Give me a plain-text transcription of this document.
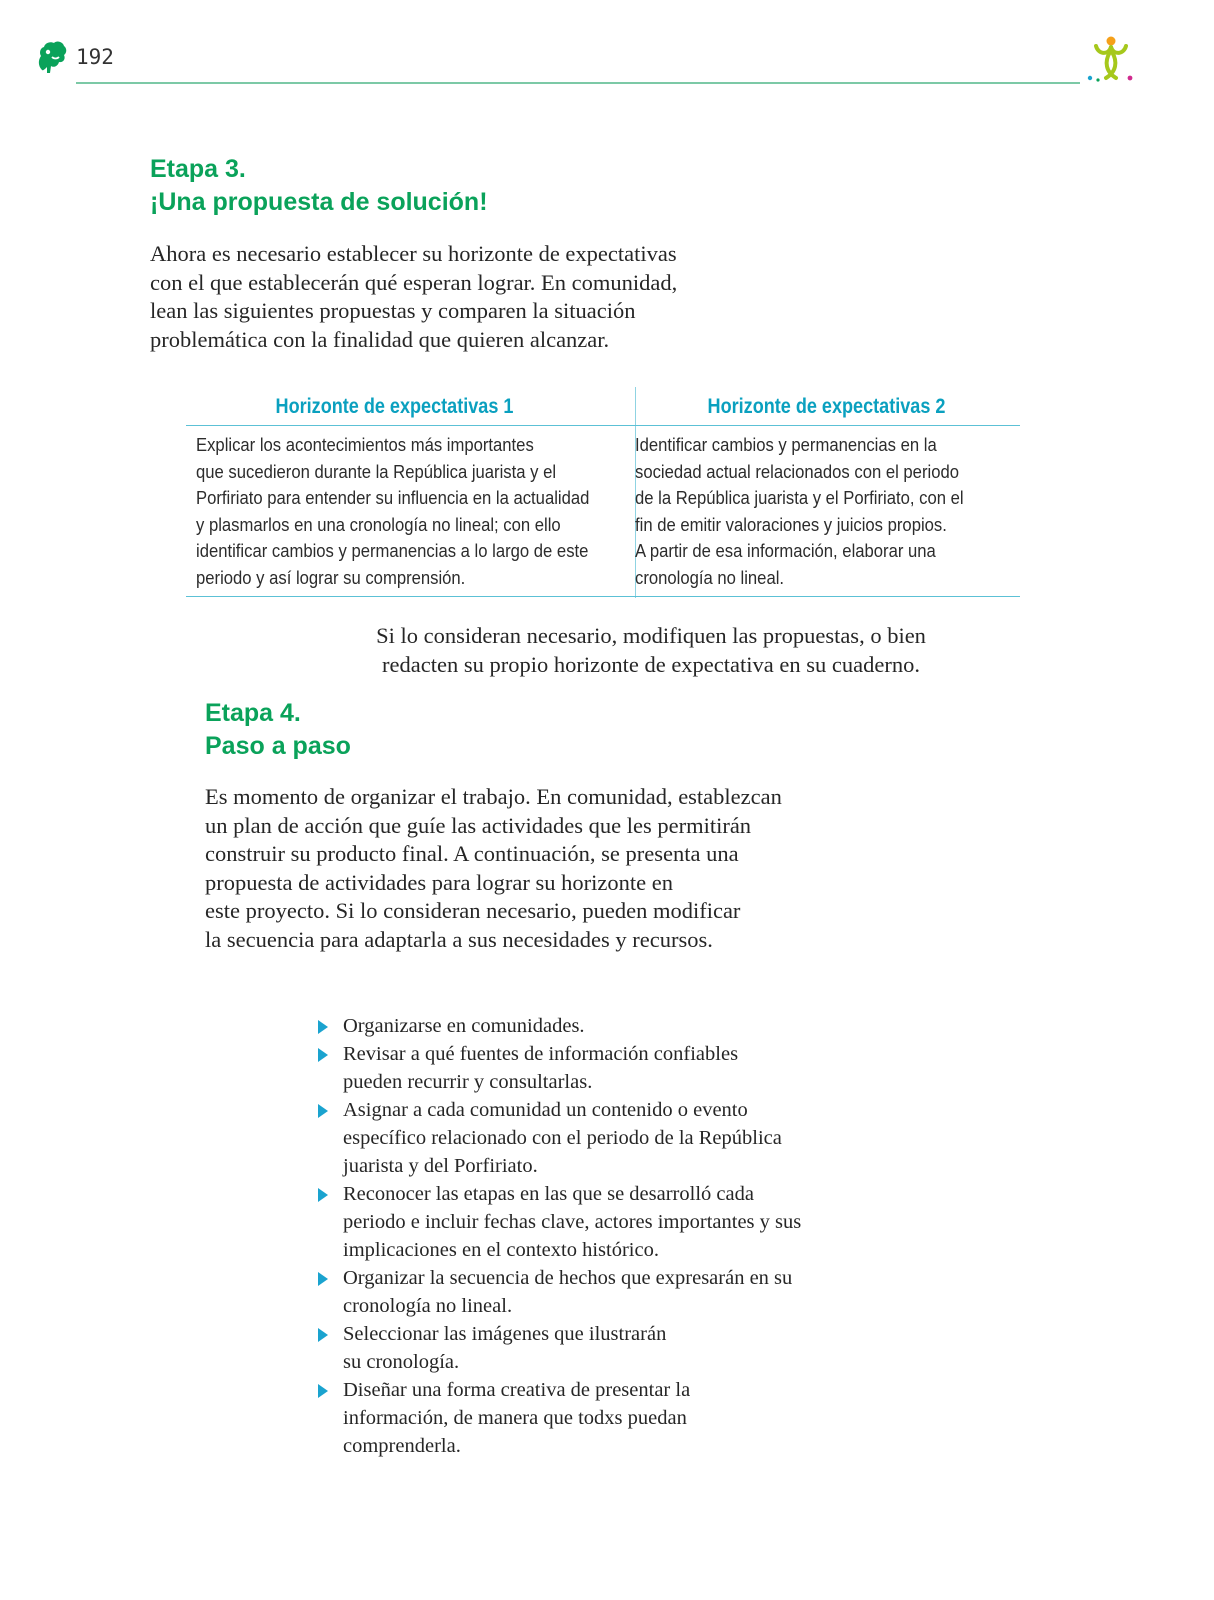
192
Etapa 3.
¡Una propuesta de solución!

Ahora es necesario establecer su horizonte de expectativas
con el que establecerán qué esperan lograr. En comunidad,
lean las siguientes propuestas y comparen la situación
problemática con la finalidad que quieren alcanzar.

Horizonte de expectativas 1
Explicar los acontecimientos más importantes
que sucedieron durante la República juarista y el
Porfiriato para entender su influencia en la actualidad
y plasmarlos en una cronología no lineal; con ello
identificar cambios y permanencias a lo largo de este
periodo y así lograr su comprensión.
Horizonte de expectativas 2
Identificar cambios y permanencias en la
sociedad actual relacionados con el periodo
de la República juarista y el Porfiriato, con el
fin de emitir valoraciones y juicios propios.
A partir de esa información, elaborar una
cronología no lineal.
Si lo consideran necesario, modifiquen las propuestas, o bien
redacten su propio horizonte de expectativa en su cuaderno.
Etapa 4.
Paso a paso

Es momento de organizar el trabajo. En comunidad, establezcan
un plan de acción que guíe las actividades que les permitirán
construir su producto final. A continuación, se presenta una
propuesta de actividades para lograr su horizonte en
este proyecto. Si lo consideran necesario, pueden modificar
la secuencia para adaptarla a sus necesidades y recursos.

Organizarse en comunidades.
Revisar a qué fuentes de información confiables
pueden recurrir y consultarlas.
Asignar a cada comunidad un contenido o evento
específico relacionado con el periodo de la República
juarista y del Porfiriato.
Reconocer las etapas en las que se desarrolló cada
periodo e incluir fechas clave, actores importantes y sus
implicaciones en el contexto histórico.
Organizar la secuencia de hechos que expresarán en su
cronología no lineal.
Seleccionar las imágenes que ilustrarán
su cronología.
Diseñar una forma creativa de presentar la
información, de manera que todxs puedan
comprenderla.
